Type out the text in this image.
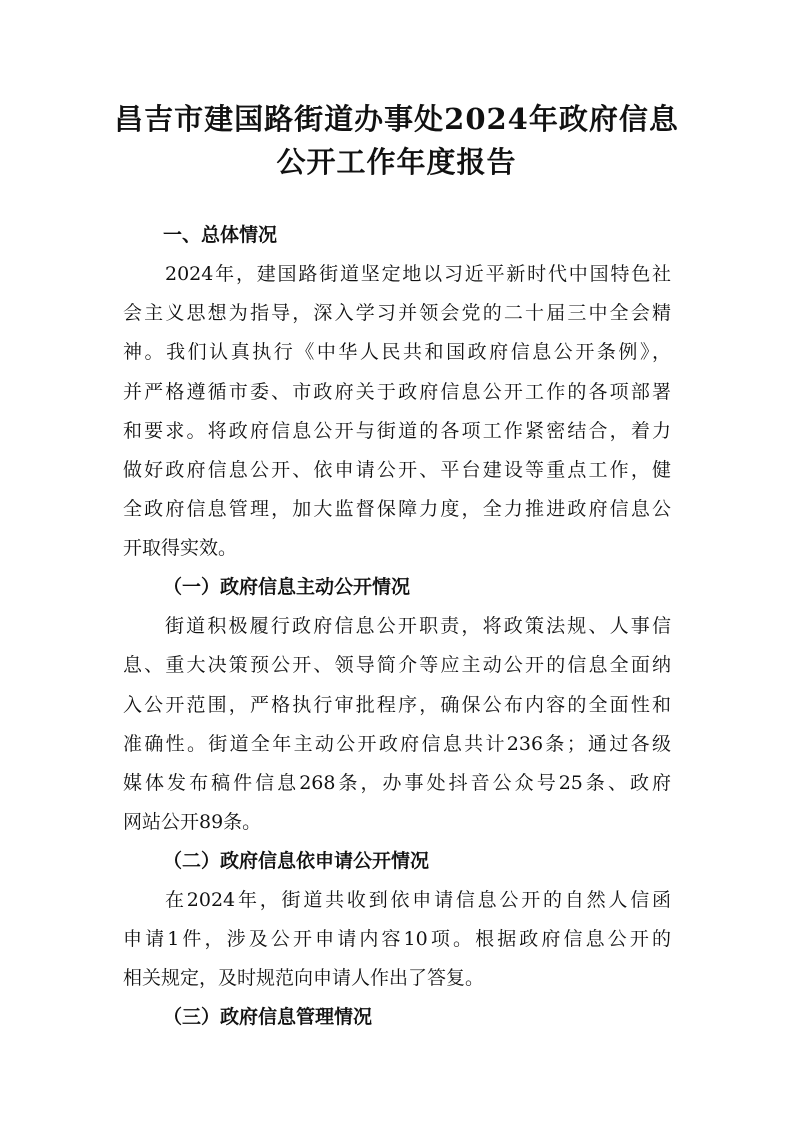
昌吉市建国路街道办事处2024年政府信息
公开工作年度报告
一、总体情况
2024年，建国路街道坚定地以习近平新时代中国特色社
会主义思想为指导，深入学习并领会党的二十届三中全会精
神。我们认真执行《中华人民共和国政府信息公开条例》，
并严格遵循市委、市政府关于政府信息公开工作的各项部署
和要求。将政府信息公开与街道的各项工作紧密结合，着力
做好政府信息公开、依申请公开、平台建设等重点工作，健
全政府信息管理，加大监督保障力度，全力推进政府信息公
开取得实效。
（一）政府信息主动公开情况
街道积极履行政府信息公开职责，将政策法规、人事信
息、重大决策预公开、领导简介等应主动公开的信息全面纳
入公开范围，严格执行审批程序，确保公布内容的全面性和
准确性。街道全年主动公开政府信息共计236条；通过各级
媒体发布稿件信息268条，办事处抖音公众号25条、政府
网站公开89条。
（二）政府信息依申请公开情况
在2024年，街道共收到依申请信息公开的自然人信函
申请1件，涉及公开申请内容10项。根据政府信息公开的
相关规定，及时规范向申请人作出了答复。
（三）政府信息管理情况
